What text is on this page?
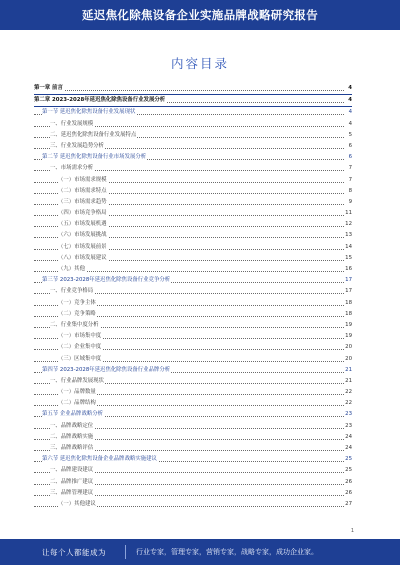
延迟焦化除焦设备企业实施品牌战略研究报告
内容目录
第一章 前言	4
第二章 2023-2028年延迟焦化除焦设备行业发展分析	4
第一节 延迟焦化除焦设备行业发展现状	4
一、行业发展规模	4
二、延迟焦化除焦设备行业发展特点	5
三、行业发展趋势分析	6
第二节 延迟焦化除焦设备行业市场发展分析	6
一、市场需求分析	7
（一）市场需求规模	7
（二）市场需求特点	8
（三）市场需求趋势	9
（四）市场竞争格局	11
（五）市场发展机遇	12
（六）市场发展挑战	13
（七）市场发展前景	14
（八）市场发展建议	15
（九）其他	16
第三节 2023-2028年延迟焦化除焦设备行业竞争分析	17
一、行业竞争格局	17
（一）竞争主体	18
（二）竞争策略	18
二、行业集中度分析	19
（一）市场集中度	19
（二）企业集中度	20
（三）区域集中度	20
第四节 2023-2028年延迟焦化除焦设备行业品牌分析	21
一、行业品牌发展现状	21
（一）品牌数量	22
（二）品牌结构	22
第五节 企业品牌战略分析	23
一、品牌战略定位	23
二、品牌战略实施	24
三、品牌战略评估	24
第六节 延迟焦化除焦设备企业品牌战略实施建议	25
一、品牌建设建议	25
二、品牌推广建议	26
三、品牌管理建议	26
（一）其他建议	27
1
让每个人都能成为	行业专家，管理专家，营销专家，战略专家，成功企业家。
